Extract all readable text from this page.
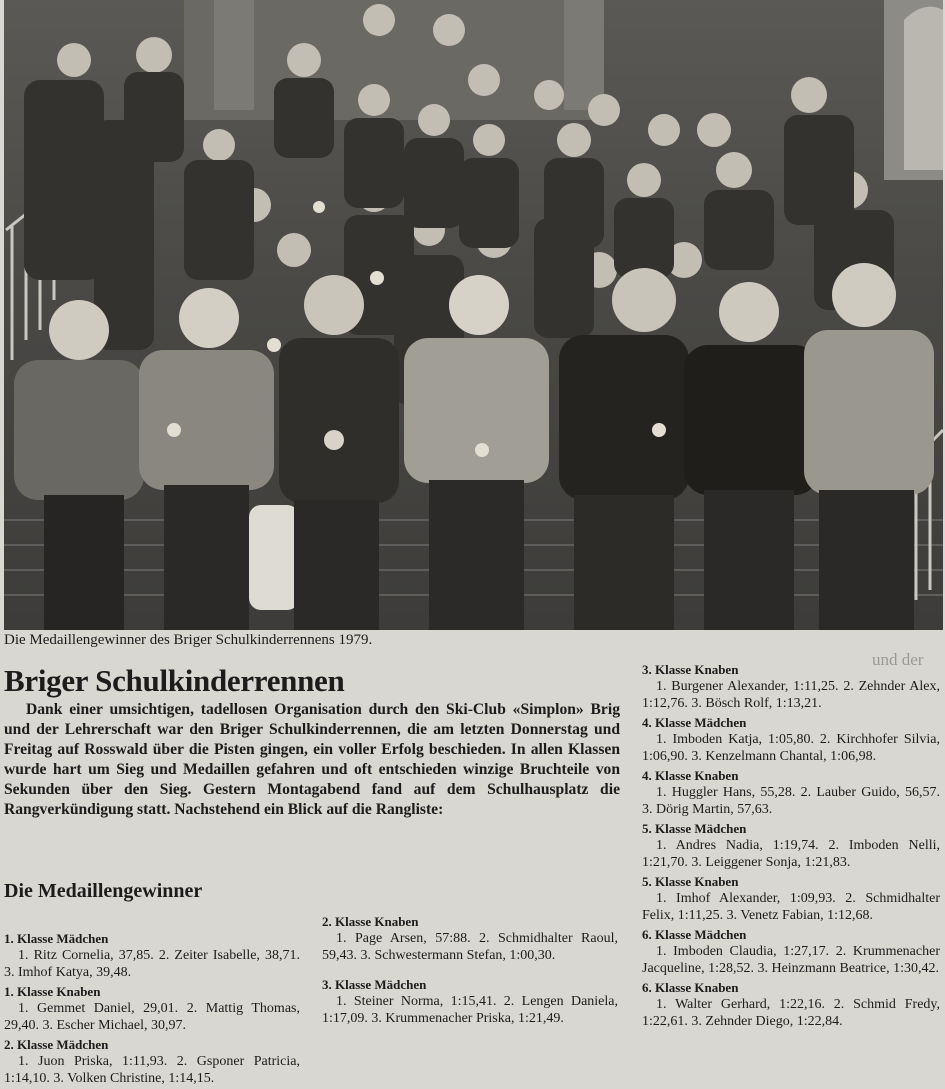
Die Medaillengewinner des Briger Schulkinderrennens 1979.
und der
Briger Schulkinderrennen
Dank einer umsichtigen, tadellosen Organisation durch den Ski-Club «Simplon» Brig und der Lehrerschaft war den Briger Schulkinderrennen, die am letzten Donnerstag und Freitag auf Rosswald über die Pisten gingen, ein voller Erfolg beschieden. In allen Klassen wurde hart um Sieg und Medaillen gefahren und oft entschieden winzige Bruchteile von Sekunden über den Sieg. Gestern Montagabend fand auf dem Schulhausplatz die Rangverkündigung statt. Nachstehend ein Blick auf die Rangliste:
Die Medaillengewinner
1. Klasse Mädchen
1. Ritz Cornelia, 37,85. 2. Zeiter Isabelle, 38,71. 3. Imhof Katya, 39,48.
1. Klasse Knaben
1. Gemmet Daniel, 29,01. 2. Mattig Thomas, 29,40. 3. Escher Michael, 30,97.
2. Klasse Mädchen
1. Juon Priska, 1:11,93. 2. Gsponer Patricia, 1:14,10. 3. Volken Christine, 1:14,15.
2. Klasse Knaben
1. Page Arsen, 57:88. 2. Schmidhalter Raoul, 59,43. 3. Schwestermann Stefan, 1:00,30.
3. Klasse Mädchen
1. Steiner Norma, 1:15,41. 2. Lengen Daniela, 1:17,09. 3. Krummenacher Priska, 1:21,49.
3. Klasse Knaben
1. Burgener Alexander, 1:11,25. 2. Zehnder Alex, 1:12,76. 3. Bösch Rolf, 1:13,21.
4. Klasse Mädchen
1. Imboden Katja, 1:05,80. 2. Kirchhofer Silvia, 1:06,90. 3. Kenzelmann Chantal, 1:06,98.
4. Klasse Knaben
1. Huggler Hans, 55,28. 2. Lauber Guido, 56,57. 3. Dörig Martin, 57,63.
5. Klasse Mädchen
1. Andres Nadia, 1:19,74. 2. Imboden Nelli, 1:21,70. 3. Leiggener Sonja, 1:21,83.
5. Klasse Knaben
1. Imhof Alexander, 1:09,93. 2. Schmidhalter Felix, 1:11,25. 3. Venetz Fabian, 1:12,68.
6. Klasse Mädchen
1. Imboden Claudia, 1:27,17. 2. Krummenacher Jacqueline, 1:28,52. 3. Heinzmann Beatrice, 1:30,42.
6. Klasse Knaben
1. Walter Gerhard, 1:22,16. 2. Schmid Fredy, 1:22,61. 3. Zehnder Diego, 1:22,84.
